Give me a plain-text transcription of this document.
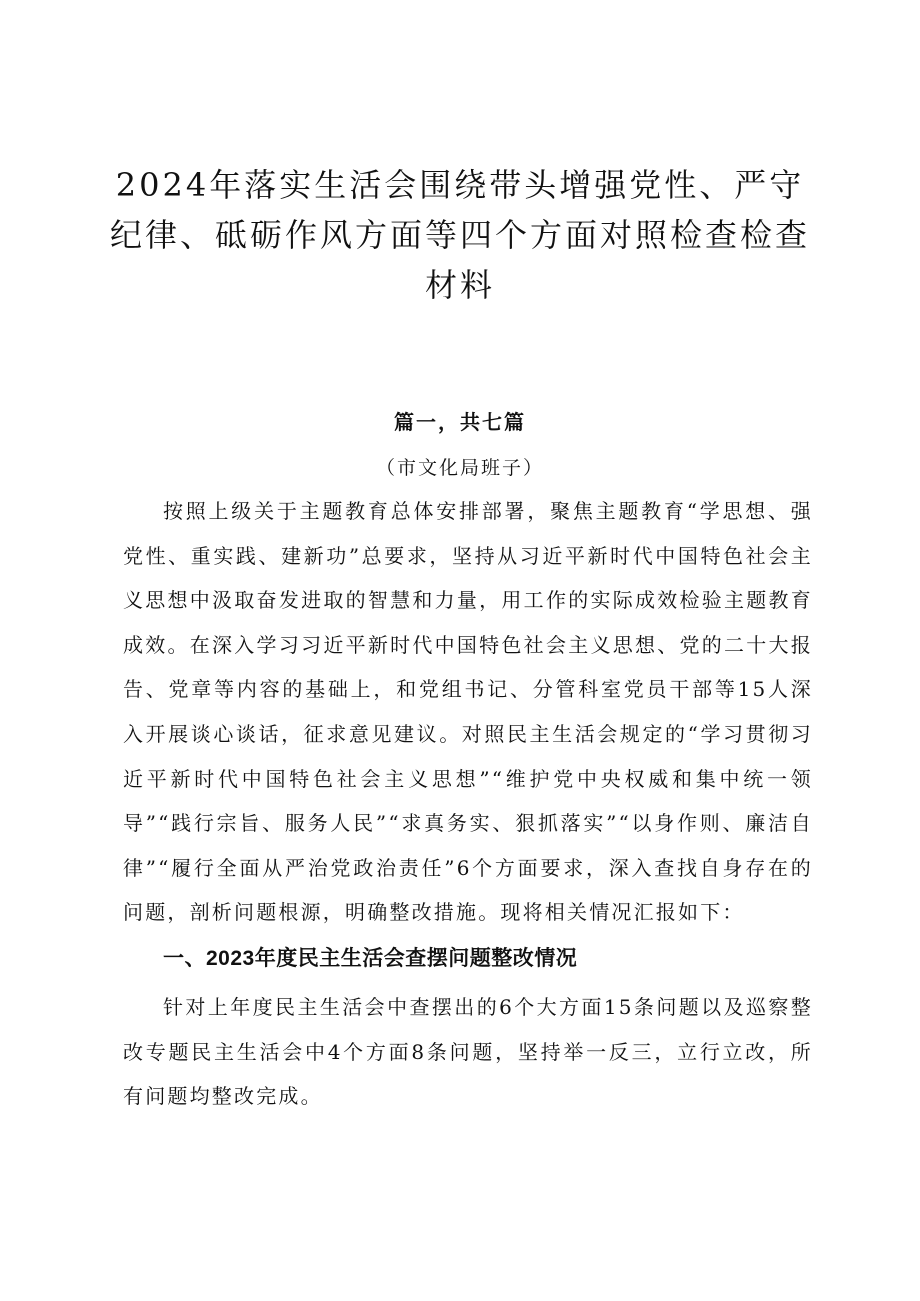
2024年落实生活会围绕带头增强党性、严守
纪律、砥砺作风方面等四个方面对照检查检查
材料

篇一，共七篇

（市文化局班子）

按照上级关于主题教育总体安排部署，聚焦主题教育“学思想、强党性、重实践、建新功”总要求，坚持从习近平新时代中国特色社会主义思想中汲取奋发进取的智慧和力量，用工作的实际成效检验主题教育成效。在深入学习习近平新时代中国特色社会主义思想、党的二十大报告、党章等内容的基础上，和党组书记、分管科室党员干部等15人深入开展谈心谈话，征求意见建议。对照民主生活会规定的“学习贯彻习近平新时代中国特色社会主义思想”“维护党中央权威和集中统一领导”“践行宗旨、服务人民”“求真务实、狠抓落实”“以身作则、廉洁自律”“履行全面从严治党政治责任”6个方面要求，深入查找自身存在的问题，剖析问题根源，明确整改措施。现将相关情况汇报如下：

一、2023年度民主生活会查摆问题整改情况

针对上年度民主生活会中查摆出的6个大方面15条问题以及巡察整改专题民主生活会中4个方面8条问题，坚持举一反三，立行立改，所有问题均整改完成。
